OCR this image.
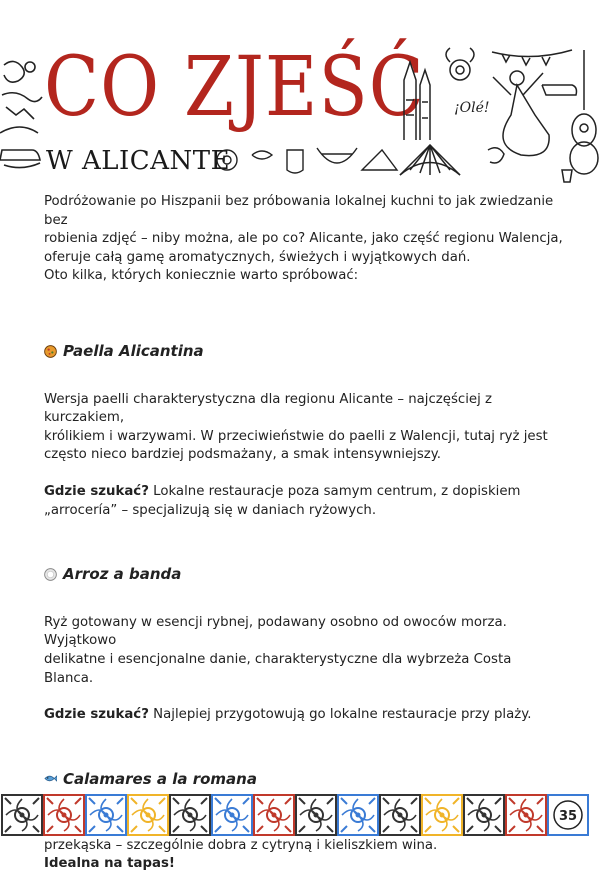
CO ZJEŚĆ
W ALICANTE
¡Olé!

Podróżowanie po Hiszpanii bez próbowania lokalnej kuchni to jak zwiedzanie bez
robienia zdjęć – niby można, ale po co? Alicante, jako część regionu Walencja,
oferuje całą gamę aromatycznych, świeżych i wyjątkowych dań.
Oto kilka, których koniecznie warto spróbować:

Paella Alicantina

Wersja paelli charakterystyczna dla regionu Alicante – najczęściej z kurczakiem,
królikiem i warzywami. W przeciwieństwie do paelli z Walencji, tutaj ryż jest
często nieco bardziej podsmażany, a smak intensywniejszy.

Gdzie szukać? Lokalne restauracje poza samym centrum, z dopiskiem
„arrocería” – specjalizują się w daniach ryżowych.

Arroz a banda

Ryż gotowany w esencji rybnej, podawany osobno od owoców morza. Wyjątkowo
delikatne i esencjonalne danie, charakterystyczne dla wybrzeża Costa Blanca.

Gdzie szukać? Najlepiej przygotowują go lokalne restauracje przy plaży.

Calamares a la romana

przekąska – szczególnie dobra z cytryną i kieliszkiem wina.
Idealna na tapas!

35
